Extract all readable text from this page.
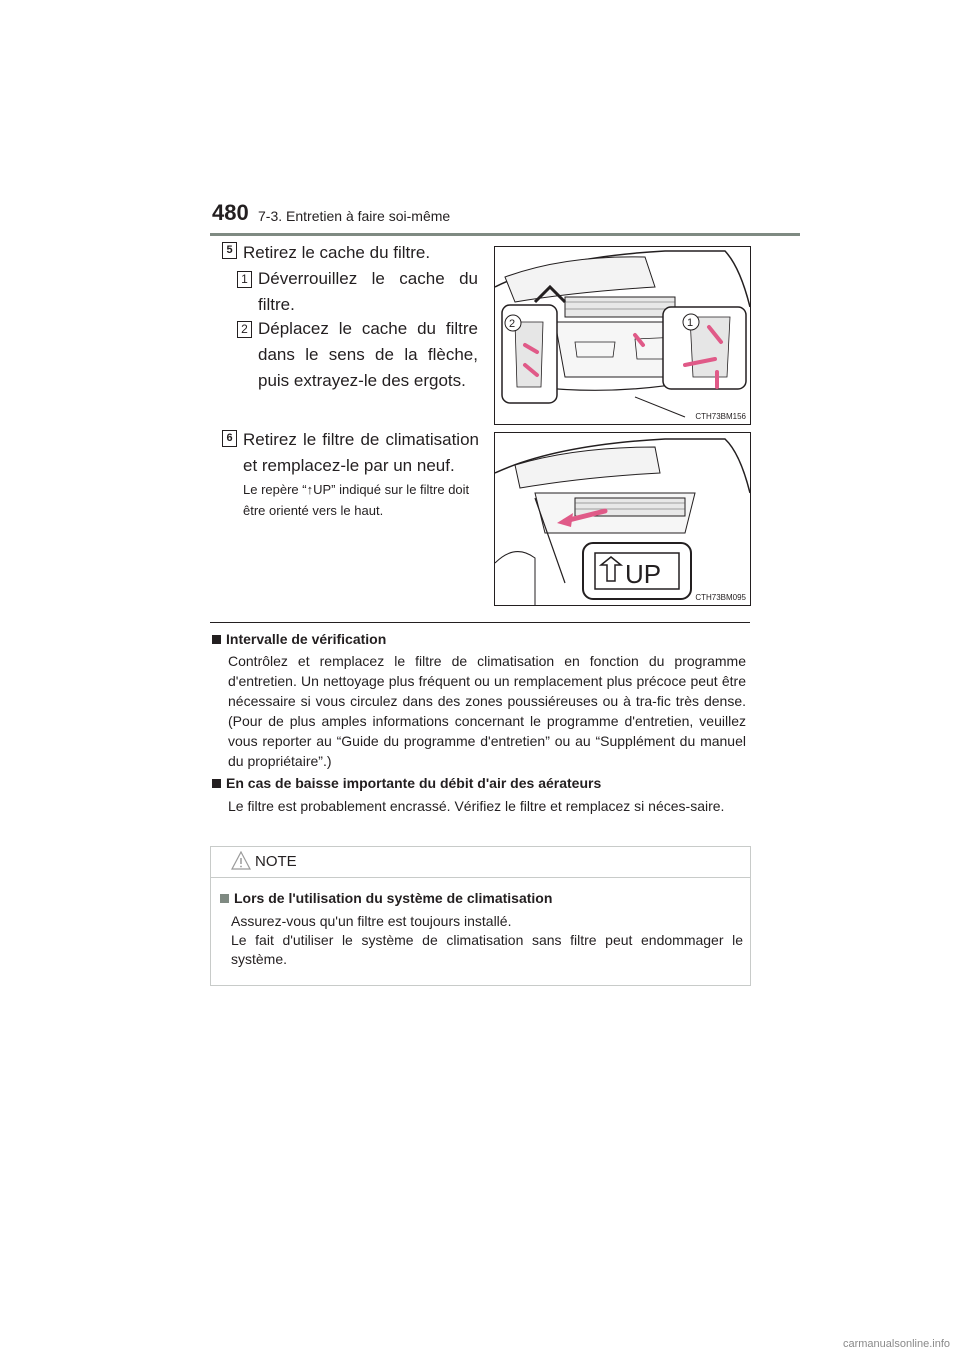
480 7-3. Entretien à faire soi-même
5 Retirez le cache du filtre.
1 Déverrouillez le cache du filtre.
2 Déplacez le cache du filtre dans le sens de la flèche, puis extrayez-le des ergots.
2	1
CTH73BM156
6 Retirez le filtre de climatisation et remplacez-le par un neuf.
Le repère “↑UP” indiqué sur le filtre doit être orienté vers le haut.
UP
CTH73BM095
Intervalle de vérification
Contrôlez et remplacez le filtre de climatisation en fonction du programme d'entretien. Un nettoyage plus fréquent ou un remplacement plus précoce peut être nécessaire si vous circulez dans des zones poussiéreuses ou à tra-fic très dense. (Pour de plus amples informations concernant le programme d'entretien, veuillez vous reporter au “Guide du programme d'entretien” ou au “Supplément du manuel du propriétaire”.)
En cas de baisse importante du débit d'air des aérateurs
Le filtre est probablement encrassé. Vérifiez le filtre et remplacez si néces-saire.
NOTE
Lors de l'utilisation du système de climatisation
Assurez-vous qu'un filtre est toujours installé.
Le fait d'utiliser le système de climatisation sans filtre peut endommager le système.
carmanualsonline.info
